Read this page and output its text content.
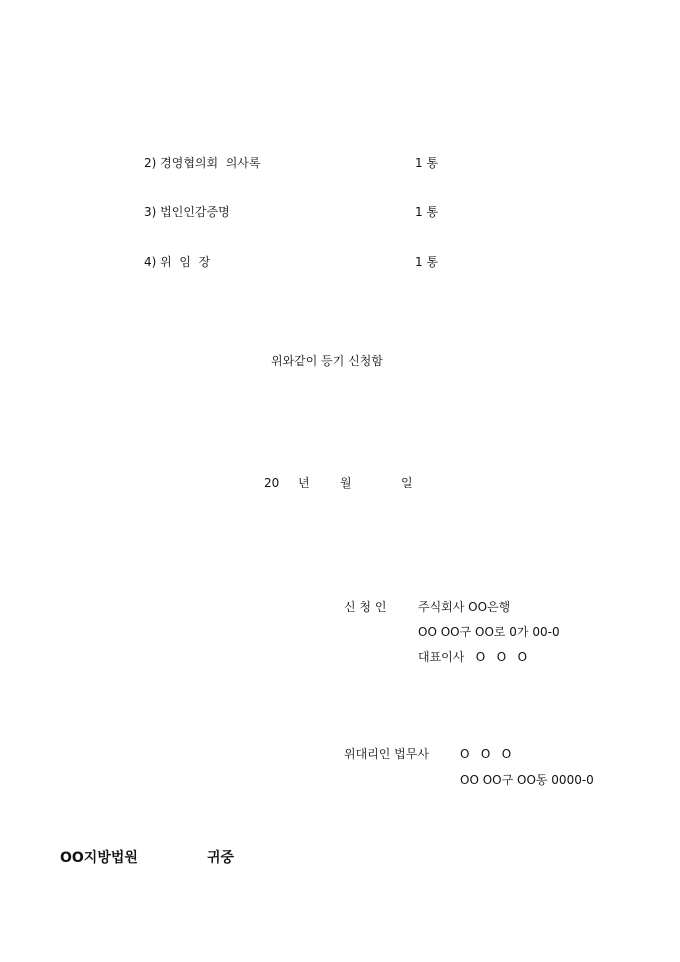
2) 경영협의회  의사록	1 통
3) 법인인감증명	1 통
4) 위  임  장	1 통
위와같이 등기 신청함
20 년	월	일
신 청 인	주식회사 OO은행
OO OO구 OO로 0가 00-0
대표이사   O   O   O
위대리인 법무사	O   O   O
OO OO구 OO동 0000-0
OO지방법원	귀중
